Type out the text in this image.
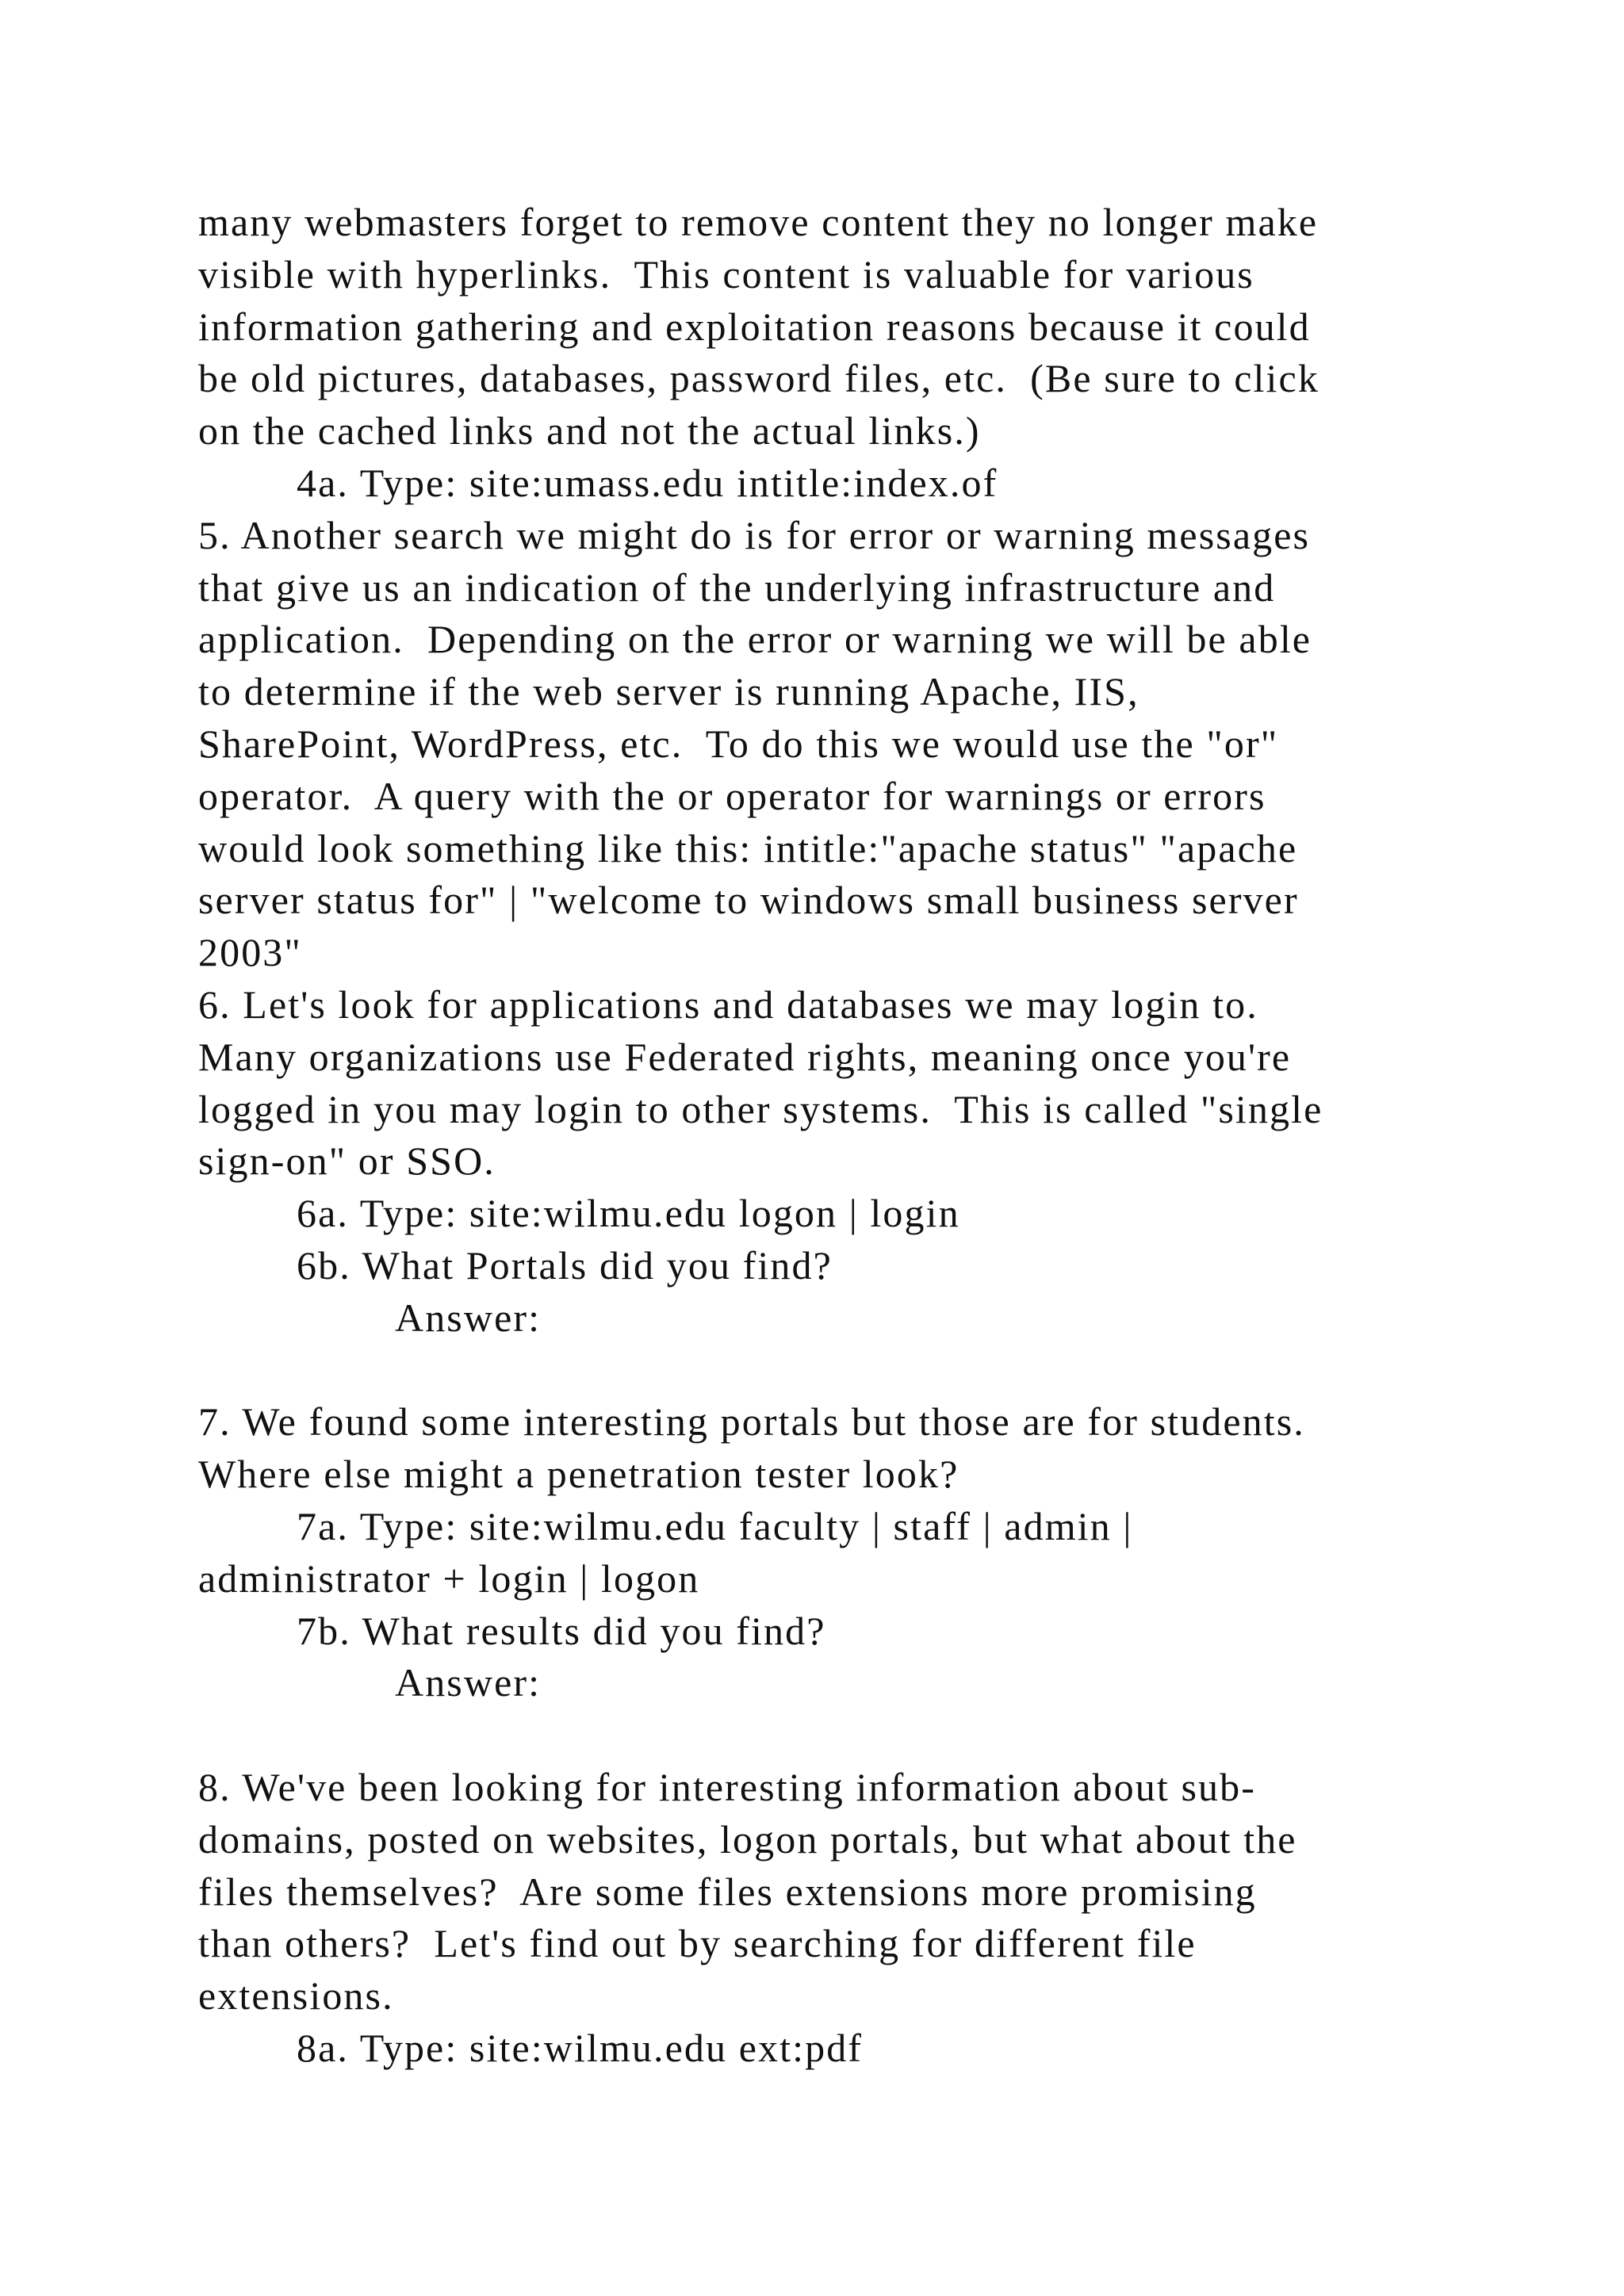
many webmasters forget to remove content they no longer make
visible with hyperlinks.  This content is valuable for various
information gathering and exploitation reasons because it could
be old pictures, databases, password files, etc.  (Be sure to click
on the cached links and not the actual links.)
4a. Type: site:umass.edu intitle:index.of
5. Another search we might do is for error or warning messages
that give us an indication of the underlying infrastructure and
application.  Depending on the error or warning we will be able
to determine if the web server is running Apache, IIS,
SharePoint, WordPress, etc.  To do this we would use the "or"
operator.  A query with the or operator for warnings or errors
would look something like this: intitle:"apache status" "apache
server status for" | "welcome to windows small business server
2003"
6. Let's look for applications and databases we may login to.
Many organizations use Federated rights, meaning once you're
logged in you may login to other systems.  This is called "single
sign-on" or SSO.
6a. Type: site:wilmu.edu logon | login
6b. What Portals did you find?
Answer:
7. We found some interesting portals but those are for students.
Where else might a penetration tester look?
7a. Type: site:wilmu.edu faculty | staff | admin |
administrator + login | logon
7b. What results did you find?
Answer:
8. We've been looking for interesting information about sub-
domains, posted on websites, logon portals, but what about the
files themselves?  Are some files extensions more promising
than others?  Let's find out by searching for different file
extensions.
8a. Type: site:wilmu.edu ext:pdf
